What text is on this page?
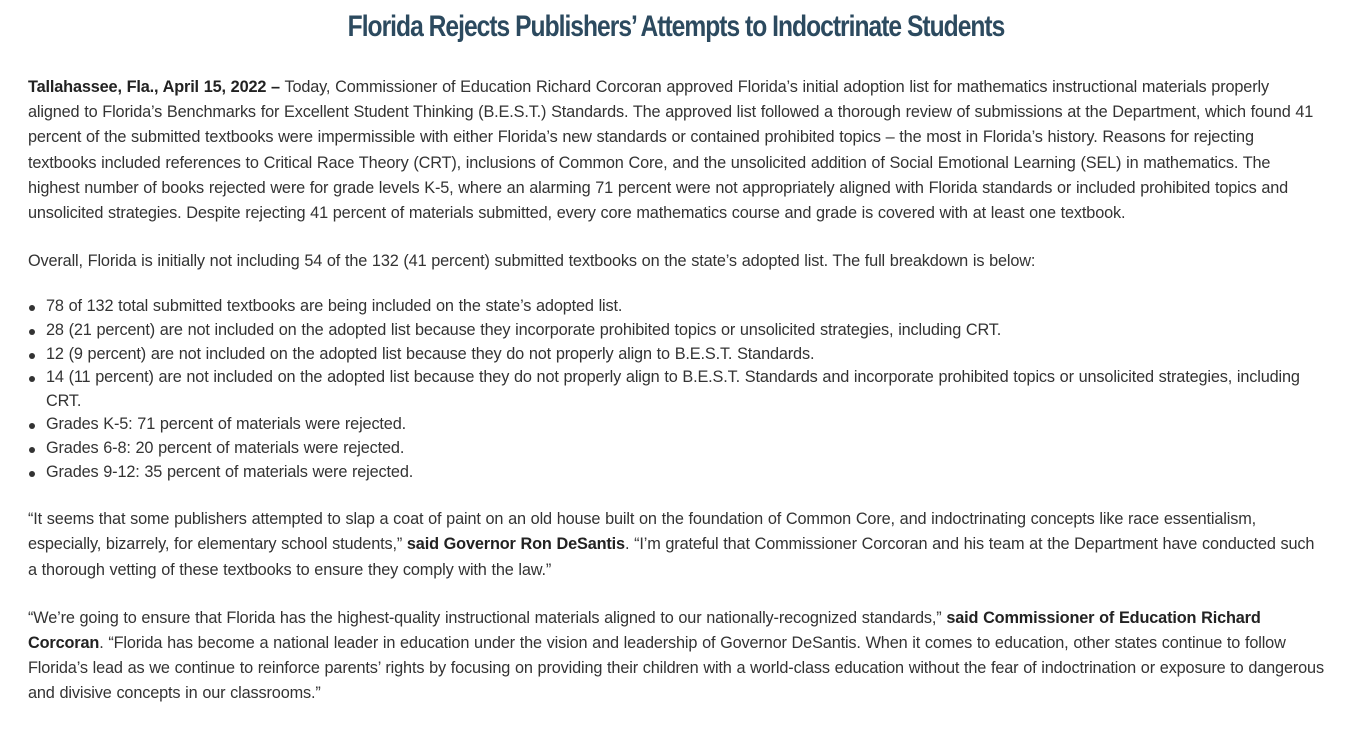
Florida Rejects Publishers’ Attempts to Indoctrinate Students

Tallahassee, Fla., April 15, 2022 – Today, Commissioner of Education Richard Corcoran approved Florida’s initial adoption list for mathematics instructional materials properly aligned to Florida’s Benchmarks for Excellent Student Thinking (B.E.S.T.) Standards. The approved list followed a thorough review of submissions at the Department, which found 41 percent of the submitted textbooks were impermissible with either Florida’s new standards or contained prohibited topics – the most in Florida’s history. Reasons for rejecting textbooks included references to Critical Race Theory (CRT), inclusions of Common Core, and the unsolicited addition of Social Emotional Learning (SEL) in mathematics. The highest number of books rejected were for grade levels K-5, where an alarming 71 percent were not appropriately aligned with Florida standards or included prohibited topics and unsolicited strategies. Despite rejecting 41 percent of materials submitted, every core mathematics course and grade is covered with at least one textbook.

Overall, Florida is initially not including 54 of the 132 (41 percent) submitted textbooks on the state’s adopted list. The full breakdown is below:

78 of 132 total submitted textbooks are being included on the state’s adopted list.
28 (21 percent) are not included on the adopted list because they incorporate prohibited topics or unsolicited strategies, including CRT.
12 (9 percent) are not included on the adopted list because they do not properly align to B.E.S.T. Standards.
14 (11 percent) are not included on the adopted list because they do not properly align to B.E.S.T. Standards and incorporate prohibited topics or unsolicited strategies, including CRT.
Grades K-5: 71 percent of materials were rejected.
Grades 6-8: 20 percent of materials were rejected.
Grades 9-12: 35 percent of materials were rejected.

“It seems that some publishers attempted to slap a coat of paint on an old house built on the foundation of Common Core, and indoctrinating concepts like race essentialism, especially, bizarrely, for elementary school students,” said Governor Ron DeSantis. “I’m grateful that Commissioner Corcoran and his team at the Department have conducted such a thorough vetting of these textbooks to ensure they comply with the law.”

“We’re going to ensure that Florida has the highest-quality instructional materials aligned to our nationally-recognized standards,” said Commissioner of Education Richard Corcoran. “Florida has become a national leader in education under the vision and leadership of Governor DeSantis. When it comes to education, other states continue to follow Florida’s lead as we continue to reinforce parents’ rights by focusing on providing their children with a world-class education without the fear of indoctrination or exposure to dangerous and divisive concepts in our classrooms.”
